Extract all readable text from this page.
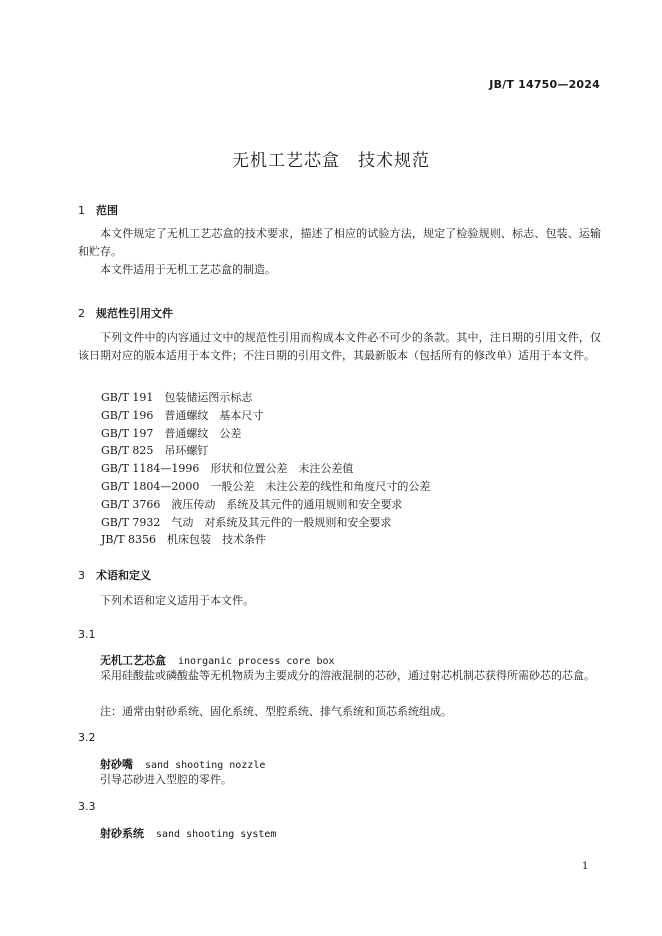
JB/T 14750—2024
无机工艺芯盒 技术规范
1 范围

本文件规定了无机工艺芯盒的技术要求，描述了相应的试验方法，规定了检验规则、标志、包装、运输和贮存。

本文件适用于无机工艺芯盒的制造。

2 规范性引用文件

下列文件中的内容通过文中的规范性引用而构成本文件必不可少的条款。其中，注日期的引用文件，仅该日期对应的版本适用于本文件；不注日期的引用文件，其最新版本（包括所有的修改单）适用于本文件。

GB/T 191　包装储运图示标志
GB/T 196　普通螺纹　基本尺寸
GB/T 197　普通螺纹　公差
GB/T 825　吊环螺钉
GB/T 1184—1996　形状和位置公差　未注公差值
GB/T 1804—2000　一般公差　未注公差的线性和角度尺寸的公差
GB/T 3766　液压传动　系统及其元件的通用规则和安全要求
GB/T 7932　气动　对系统及其元件的一般规则和安全要求
JB/T 8356　机床包装　技术条件
3 术语和定义

下列术语和定义适用于本文件。

3.1
无机工艺芯盒 inorganic process core box

采用硅酸盐或磷酸盐等无机物质为主要成分的溶液混制的芯砂，通过射芯机制芯获得所需砂芯的芯盒。

注：通常由射砂系统、固化系统、型腔系统、排气系统和顶芯系统组成。

3.2
射砂嘴 sand shooting nozzle

引导芯砂进入型腔的零件。

3.3
射砂系统 sand shooting system
1
